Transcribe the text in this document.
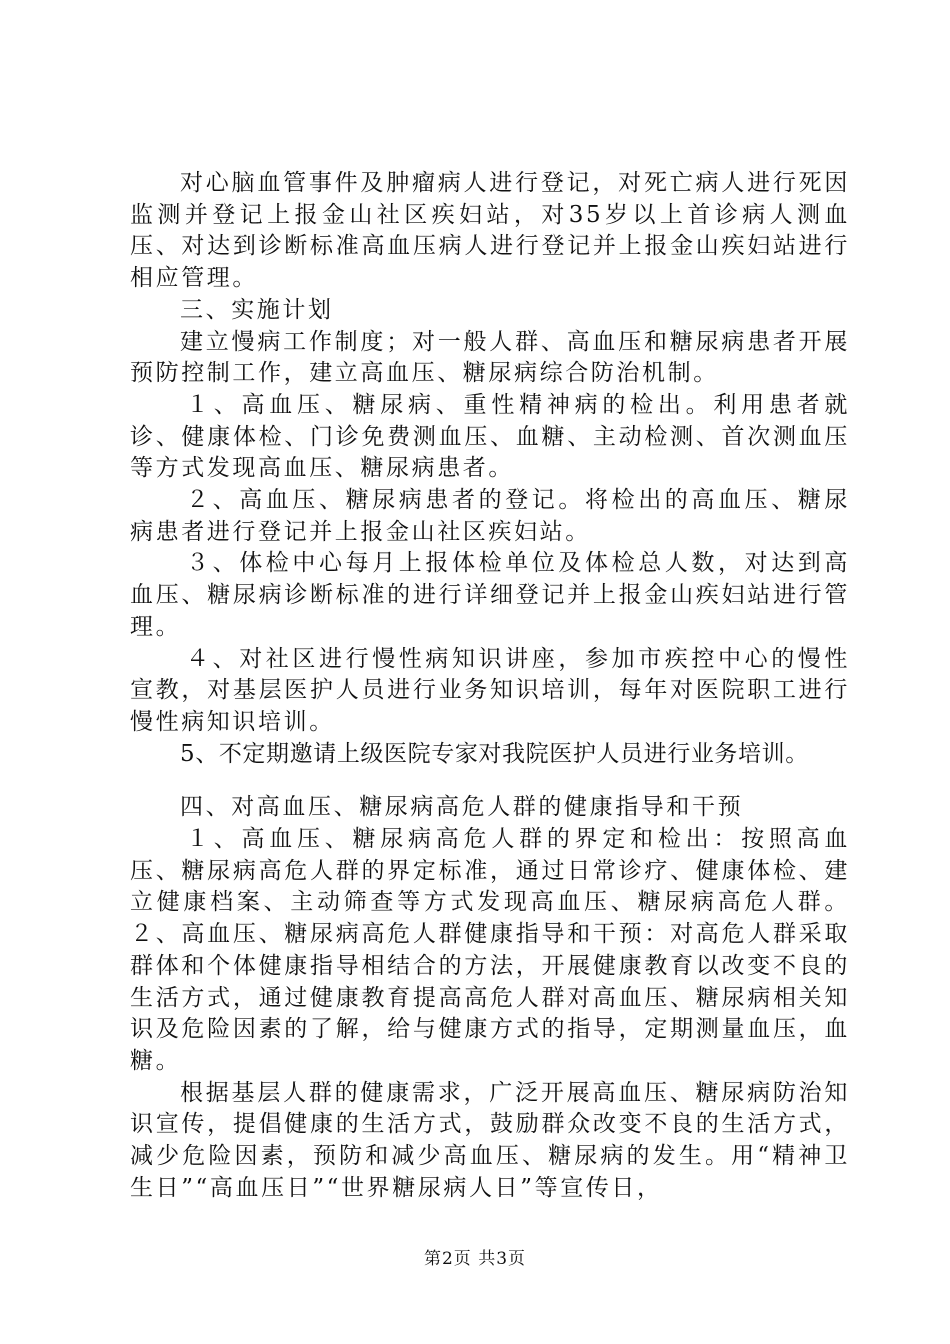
对心脑血管事件及肿瘤病人进行登记，对死亡病人进行死因监测并登记上报金山社区疾妇站，对35岁以上首诊病人测血压、对达到诊断标准高血压病人进行登记并上报金山疾妇站进行相应管理。

三、实施计划

建立慢病工作制度；对一般人群、高血压和糖尿病患者开展预防控制工作，建立高血压、糖尿病综合防治机制。

１、高血压、糖尿病、重性精神病的检出。利用患者就诊、健康体检、门诊免费测血压、血糖、主动检测、首次测血压等方式发现高血压、糖尿病患者。

２、高血压、糖尿病患者的登记。将检出的高血压、糖尿病患者进行登记并上报金山社区疾妇站。

３、体检中心每月上报体检单位及体检总人数，对达到高血压、糖尿病诊断标准的进行详细登记并上报金山疾妇站进行管理。

４、对社区进行慢性病知识讲座，参加市疾控中心的慢性宣教，对基层医护人员进行业务知识培训，每年对医院职工进行慢性病知识培训。

5、不定期邀请上级医院专家对我院医护人员进行业务培训。

四、对高血压、糖尿病高危人群的健康指导和干预

１、高血压、糖尿病高危人群的界定和检出：按照高血压、糖尿病高危人群的界定标准，通过日常诊疗、健康体检、建立健康档案、主动筛查等方式发现高血压、糖尿病高危人群。２、高血压、糖尿病高危人群健康指导和干预：对高危人群采取群体和个体健康指导相结合的方法，开展健康教育以改变不良的生活方式，通过健康教育提高高危人群对高血压、糖尿病相关知识及危险因素的了解，给与健康方式的指导，定期测量血压，血糖。

根据基层人群的健康需求，广泛开展高血压、糖尿病防治知识宣传，提倡健康的生活方式，鼓励群众改变不良的生活方式，减少危险因素，预防和减少高血压、糖尿病的发生。用“精神卫生日”“高血压日”“世界糖尿病人日”等宣传日，

第2页 共3页
